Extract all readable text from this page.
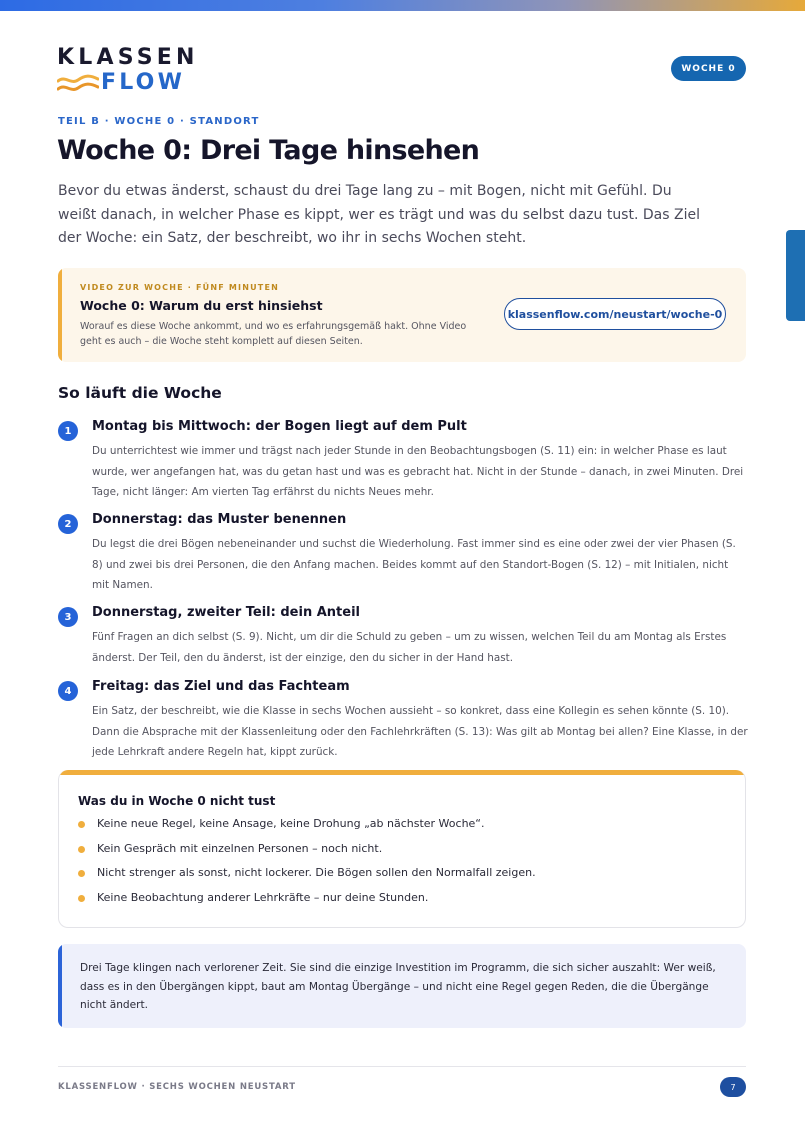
KLASSEN
FLOW
WOCHE 0
TEIL B · WOCHE 0 · STANDORT
Woche 0: Drei Tage hinsehen

Bevor du etwas änderst, schaust du drei Tage lang zu – mit Bogen, nicht mit Gefühl. Du weißt danach, in welcher Phase es kippt, wer es trägt und was du selbst dazu tust. Das Ziel der Woche: ein Satz, der beschreibt, wo ihr in sechs Wochen steht.

VIDEO ZUR WOCHE · FÜNF MINUTEN
Woche 0: Warum du erst hinsiehst

Worauf es diese Woche ankommt, und wo es erfahrungsgemäß hakt. Ohne Video geht es auch – die Woche steht komplett auf diesen Seiten.

klassenflow.com/neustart/woche-0
So läuft die Woche
1	Montag bis Mittwoch: der Bogen liegt auf dem Pult

Du unterrichtest wie immer und trägst nach jeder Stunde in den Beobachtungsbogen (S. 11) ein: in welcher Phase es laut wurde, wer angefangen hat, was du getan hast und was es gebracht hat. Nicht in der Stunde – danach, in zwei Minuten. Drei Tage, nicht länger: Am vierten Tag erfährst du nichts Neues mehr.

2	Donnerstag: das Muster benennen

Du legst die drei Bögen nebeneinander und suchst die Wiederholung. Fast immer sind es eine oder zwei der vier Phasen (S. 8) und zwei bis drei Personen, die den Anfang machen. Beides kommt auf den Standort-Bogen (S. 12) – mit Initialen, nicht mit Namen.

3	Donnerstag, zweiter Teil: dein Anteil

Fünf Fragen an dich selbst (S. 9). Nicht, um dir die Schuld zu geben – um zu wissen, welchen Teil du am Montag als Erstes änderst. Der Teil, den du änderst, ist der einzige, den du sicher in der Hand hast.

4	Freitag: das Ziel und das Fachteam

Ein Satz, der beschreibt, wie die Klasse in sechs Wochen aussieht – so konkret, dass eine Kollegin es sehen könnte (S. 10). Dann die Absprache mit der Klassenleitung oder den Fachlehrkräften (S. 13): Was gilt ab Montag bei allen? Eine Klasse, in der jede Lehrkraft andere Regeln hat, kippt zurück.

Was du in Woche 0 nicht tust
Keine neue Regel, keine Ansage, keine Drohung „ab nächster Woche“.
Kein Gespräch mit einzelnen Personen – noch nicht.
Nicht strenger als sonst, nicht lockerer. Die Bögen sollen den Normalfall zeigen.
Keine Beobachtung anderer Lehrkräfte – nur deine Stunden.

Drei Tage klingen nach verlorener Zeit. Sie sind die einzige Investition im Programm, die sich sicher auszahlt: Wer weiß, dass es in den Übergängen kippt, baut am Montag Übergänge – und nicht eine Regel gegen Reden, die die Übergänge nicht ändert.

KLASSENFLOW · SECHS WOCHEN NEUSTART	7
